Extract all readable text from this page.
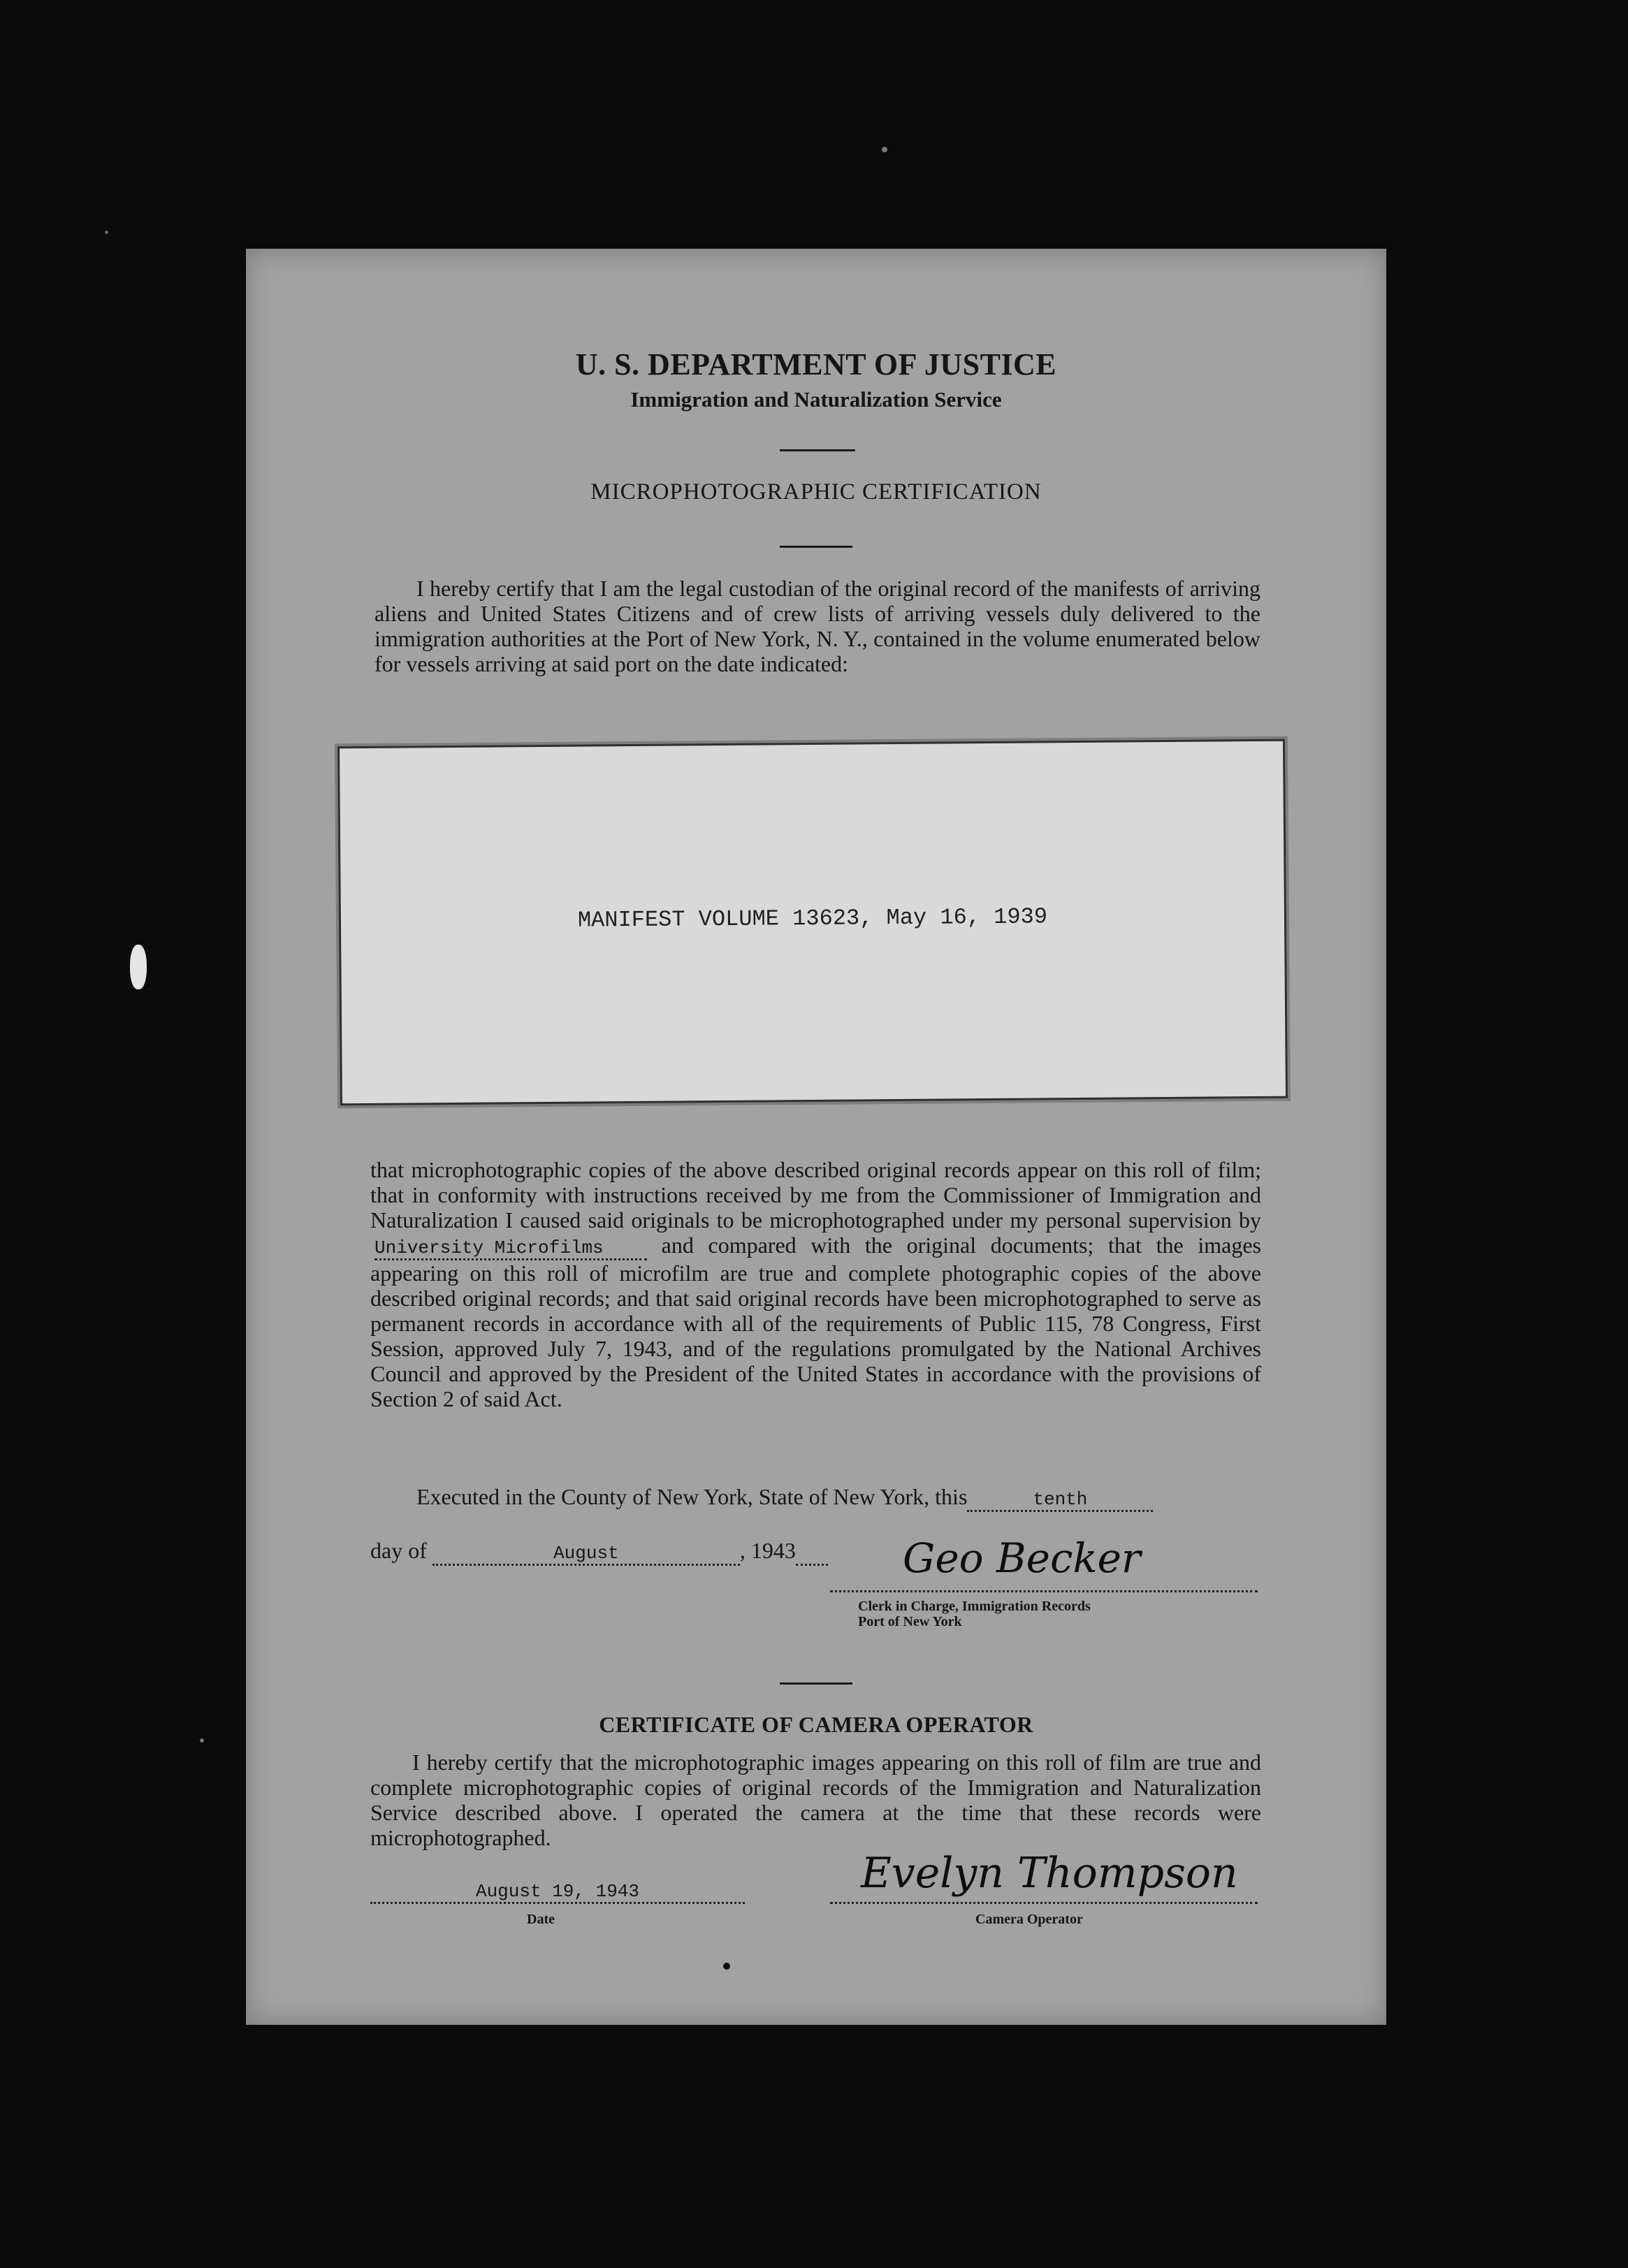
U. S. DEPARTMENT OF JUSTICE
Immigration and Naturalization Service
MICROPHOTOGRAPHIC CERTIFICATION
I hereby certify that I am the legal custodian of the original record of the manifests of arriving aliens and United States Citizens and of crew lists of arriving vessels duly delivered to the immigration authorities at the Port of New York, N. Y., contained in the volume enumerated below for vessels arriving at said port on the date indicated:
MANIFEST VOLUME 13623, May 16, 1939
that microphotographic copies of the above described original records appear on this roll of film; that in conformity with instructions received by me from the Commissioner of Immigration and Naturalization I caused said originals to be microphotographed under my personal supervision byUniversity Microfilms	and compared with the original documents; that the images appearing on this roll of microfilm are true and complete photographic copies of the above described original records; and that said original records have been microphotographed to serve as permanent records in accordance with all of the requirements of Public 115, 78 Congress, First Session, approved July 7, 1943, and of the regulations promulgated by the National Archives Council and approved by the President of the United States in accordance with the provisions of Section 2 of said Act.
Executed in the County of New York, State of New York, this	tenth
day of	August	, 1943	Geo Becker
Clerk in Charge, Immigration Records
Port of New York
CERTIFICATE OF CAMERA OPERATOR
I hereby certify that the microphotographic images appearing on this roll of film are true and complete microphotographic copies of original records of the Immigration and Naturalization Service described above. I operated the camera at the time that these records were microphotographed.
August 19, 1943
Date
Evelyn Thompson
Camera Operator
